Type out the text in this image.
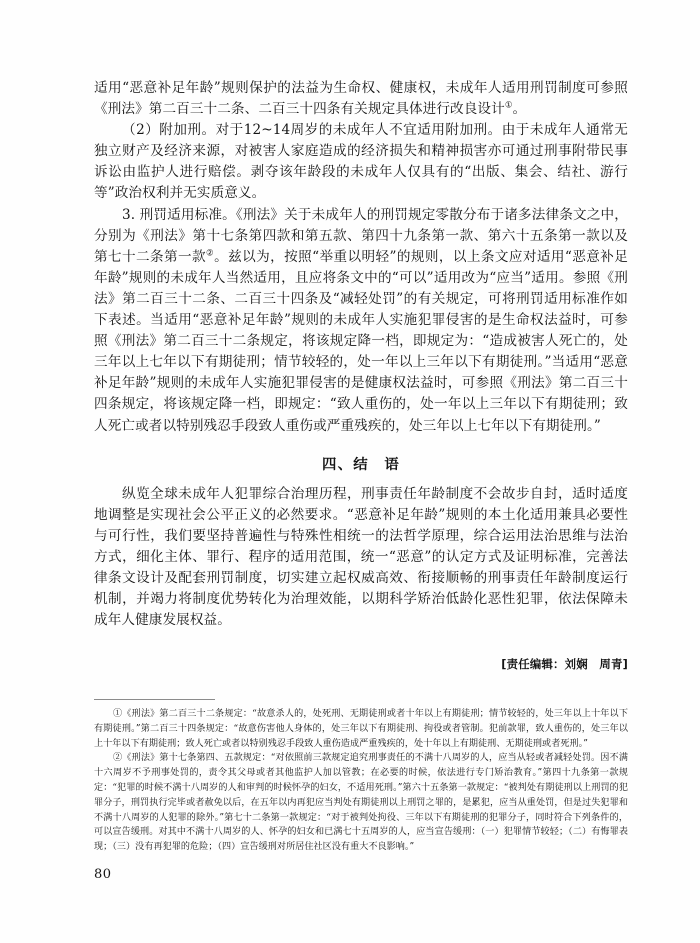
适用“恶意补足年龄”规则保护的法益为生命权、健康权，未成年人适用刑罚制度可参照《刑法》第二百三十二条、二百三十四条有关规定具体进行改良设计①。

（2）附加刑。对于12~14周岁的未成年人不宜适用附加刑。由于未成年人通常无独立财产及经济来源，对被害人家庭造成的经济损失和精神损害亦可通过刑事附带民事诉讼由监护人进行赔偿。剥夺该年龄段的未成年人仅具有的“出版、集会、结社、游行等”政治权利并无实质意义。

3. 刑罚适用标准。《刑法》关于未成年人的刑罚规定零散分布于诸多法律条文之中，分别为《刑法》第十七条第四款和第五款、第四十九条第一款、第六十五条第一款以及第七十二条第一款②。兹以为，按照“举重以明轻”的规则，以上条文应对适用“恶意补足年龄”规则的未成年人当然适用，且应将条文中的“可以”适用改为“应当”适用。参照《刑法》第二百三十二条、二百三十四条及“减轻处罚”的有关规定，可将刑罚适用标准作如下表述。当适用“恶意补足年龄”规则的未成年人实施犯罪侵害的是生命权法益时，可参照《刑法》第二百三十二条规定，将该规定降一档，即规定为：“造成被害人死亡的，处三年以上七年以下有期徒刑；情节较轻的，处一年以上三年以下有期徒刑。”当适用“恶意补足年龄”规则的未成年人实施犯罪侵害的是健康权法益时，可参照《刑法》第二百三十四条规定，将该规定降一档，即规定：“致人重伤的，处一年以上三年以下有期徒刑；致人死亡或者以特别残忍手段致人重伤或严重残疾的，处三年以上七年以下有期徒刑。”

四、结　语

纵览全球未成年人犯罪综合治理历程，刑事责任年龄制度不会故步自封，适时适度地调整是实现社会公平正义的必然要求。“恶意补足年龄”规则的本土化适用兼具必要性与可行性，我们要坚持普遍性与特殊性相统一的法哲学原理，综合运用法治思维与法治方式，细化主体、罪行、程序的适用范围，统一“恶意”的认定方式及证明标准，完善法律条文设计及配套刑罚制度，切实建立起权威高效、衔接顺畅的刑事责任年龄制度运行机制，并竭力将制度优势转化为治理效能，以期科学矫治低龄化恶性犯罪，依法保障未成年人健康发展权益。

[责任编辑：刘娴　周青]

①《刑法》第二百三十二条规定：“故意杀人的，处死刑、无期徒刑或者十年以上有期徒刑；情节较轻的，处三年以上十年以下有期徒刑。”第二百三十四条规定：“故意伤害他人身体的，处三年以下有期徒刑、拘役或者管制。犯前款罪，致人重伤的，处三年以上十年以下有期徒刑；致人死亡或者以特别残忍手段致人重伤造成严重残疾的，处十年以上有期徒刑、无期徒刑或者死刑。”

②《刑法》第十七条第四、五款规定：“对依照前三款规定追究刑事责任的不满十八周岁的人，应当从轻或者减轻处罚。因不满十六周岁不予刑事处罚的，责令其父母或者其他监护人加以管教；在必要的时候，依法进行专门矫治教育。”第四十九条第一款规定：“犯罪的时候不满十八周岁的人和审判的时候怀孕的妇女，不适用死刑。”第六十五条第一款规定：“被判处有期徒刑以上刑罚的犯罪分子，刑罚执行完毕或者赦免以后，在五年以内再犯应当判处有期徒刑以上刑罚之罪的，是累犯，应当从重处罚，但是过失犯罪和不满十八周岁的人犯罪的除外。”第七十二条第一款规定：“对于被判处拘役、三年以下有期徒刑的犯罪分子，同时符合下列条件的，可以宣告缓刑。对其中不满十八周岁的人、怀孕的妇女和已满七十五周岁的人，应当宣告缓刑：（一）犯罪情节较轻；（二）有悔罪表现；（三）没有再犯罪的危险；（四）宣告缓刑对所居住社区没有重大不良影响。”

80
